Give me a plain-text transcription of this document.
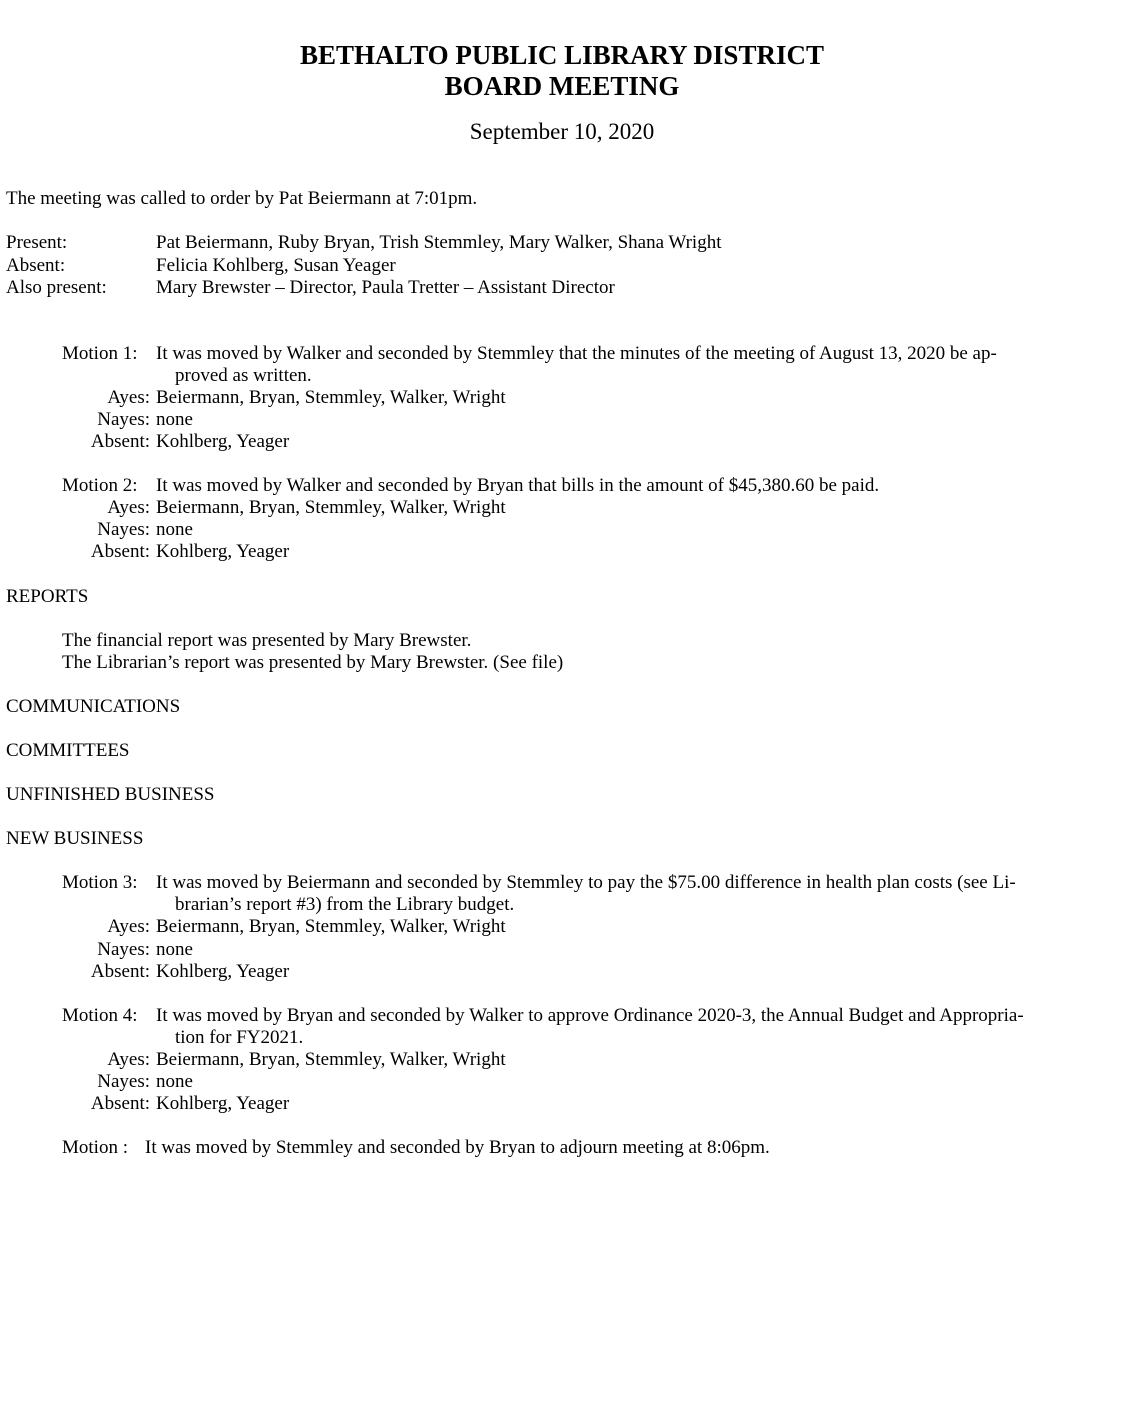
BETHALTO PUBLIC LIBRARY DISTRICT
BOARD MEETING
September 10, 2020
The meeting was called to order by Pat Beiermann at 7:01pm.
Present:	Pat Beiermann, Ruby Bryan, Trish Stemmley, Mary Walker, Shana Wright
Absent:	Felicia Kohlberg, Susan Yeager
Also present:	Mary Brewster – Director, Paula Tretter – Assistant Director
Motion 1: It was moved by Walker and seconded by Stemmley that the minutes of the meeting of August 13, 2020 be ap-
proved as written.
Ayes: Beiermann, Bryan, Stemmley, Walker, Wright
Nayes: none
Absent: Kohlberg, Yeager
Motion 2: It was moved by Walker and seconded by Bryan that bills in the amount of $45,380.60 be paid.
Ayes: Beiermann, Bryan, Stemmley, Walker, Wright
Nayes: none
Absent: Kohlberg, Yeager
REPORTS
The financial report was presented by Mary Brewster.
The Librarian’s report was presented by Mary Brewster. (See file)
COMMUNICATIONS
COMMITTEES
UNFINISHED BUSINESS
NEW BUSINESS
Motion 3: It was moved by Beiermann and seconded by Stemmley to pay the $75.00 difference in health plan costs (see Li-
brarian’s report #3) from the Library budget.
Ayes: Beiermann, Bryan, Stemmley, Walker, Wright
Nayes: none
Absent: Kohlberg, Yeager
Motion 4: It was moved by Bryan and seconded by Walker to approve Ordinance 2020-3, the Annual Budget and Appropria-
tion for FY2021.
Ayes: Beiermann, Bryan, Stemmley, Walker, Wright
Nayes: none
Absent: Kohlberg, Yeager
Motion : It was moved by Stemmley and seconded by Bryan to adjourn meeting at 8:06pm.
